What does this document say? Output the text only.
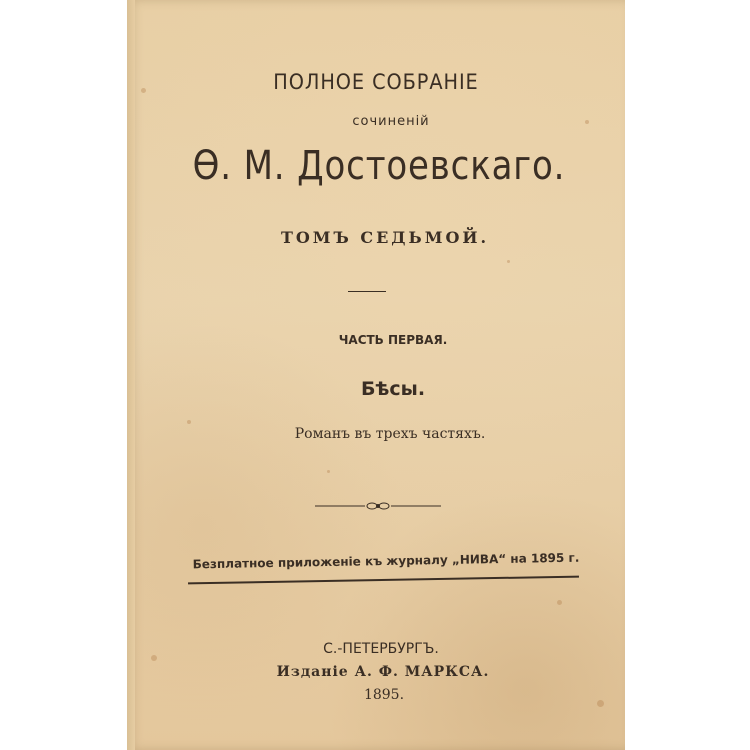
ПОЛНОЕ СОБРАНІЕ
сочиненій
Ѳ. М. Достоевскаго.
ТОМЪ СЕДЬМОЙ.
ЧАСТЬ ПЕРВАЯ.
Бѣсы.
Романъ въ трехъ частяхъ.
Безплатное приложеніе къ журналу „НИВА“ на 1895 г.
С.-ПЕТЕРБУРГЪ.
Изданіе А. Ф. МАРКСА.
1895.
